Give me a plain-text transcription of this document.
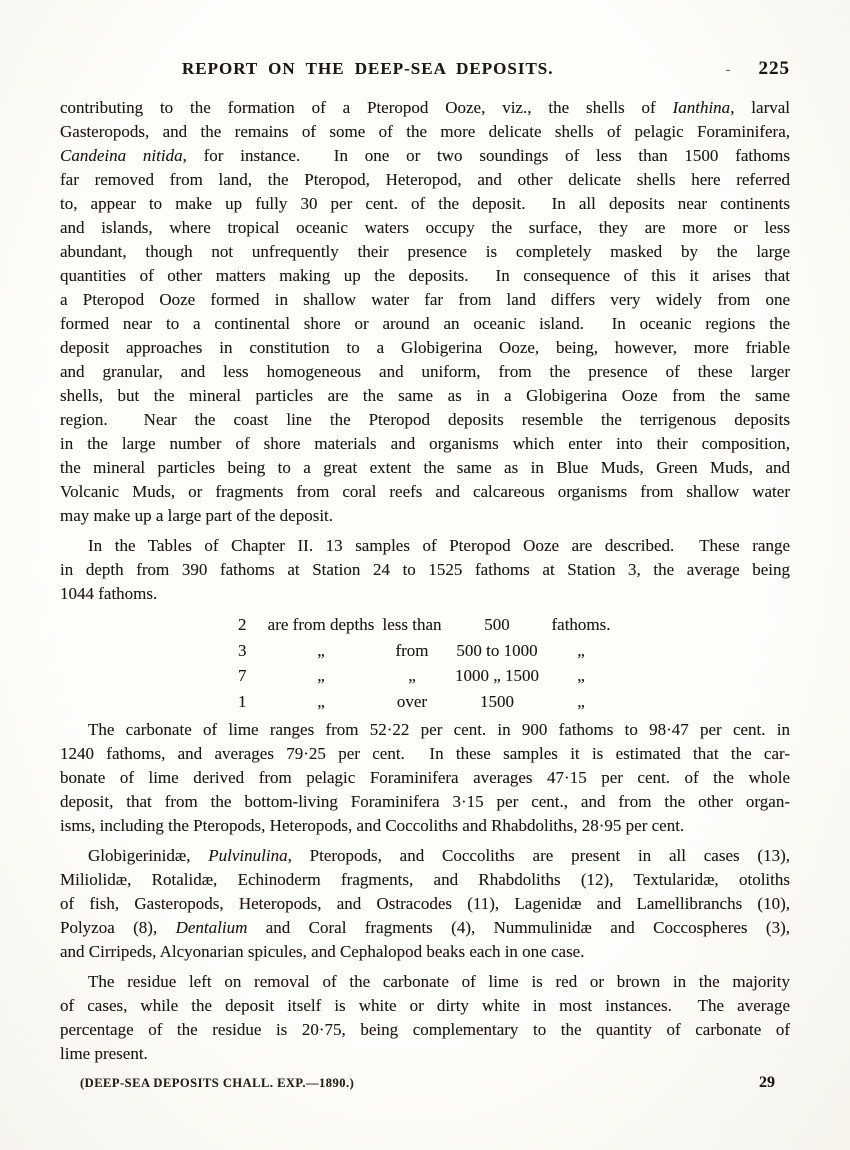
REPORT ON THE DEEP-SEA DEPOSITS.	- 225
contributing to the formation of a Pteropod Ooze, viz., the shells of Ianthina, larval
Gasteropods, and the remains of some of the more delicate shells of pelagic Foraminifera,
Candeina nitida, for instance.  In one or two soundings of less than 1500 fathoms
far removed from land, the Pteropod, Heteropod, and other delicate shells here referred
to, appear to make up fully 30 per cent. of the deposit.  In all deposits near continents
and islands, where tropical oceanic waters occupy the surface, they are more or less
abundant, though not unfrequently their presence is completely masked by the large
quantities of other matters making up the deposits.  In consequence of this it arises that
a Pteropod Ooze formed in shallow water far from land differs very widely from one
formed near to a continental shore or around an oceanic island.  In oceanic regions the
deposit approaches in constitution to a Globigerina Ooze, being, however, more friable
and granular, and less homogeneous and uniform, from the presence of these larger
shells, but the mineral particles are the same as in a Globigerina Ooze from the same
region.  Near the coast line the Pteropod deposits resemble the terrigenous deposits
in the large number of shore materials and organisms which enter into their composition,
the mineral particles being to a great extent the same as in Blue Muds, Green Muds, and
Volcanic Muds, or fragments from coral reefs and calcareous organisms from shallow water
may make up a large part of the deposit.
In the Tables of Chapter II. 13 samples of Pteropod Ooze are described.  These range
in depth from 390 fathoms at Station 24 to 1525 fathoms at Station 3, the average being
1044 fathoms.
2	are from depths less than	500	fathoms.
3	„	from	500 to 1000	„
7	„	„	1000 „ 1500	„
1	„	over	1500	„
The carbonate of lime ranges from 52·22 per cent. in 900 fathoms to 98·47 per cent. in
1240 fathoms, and averages 79·25 per cent.  In these samples it is estimated that the car-
bonate of lime derived from pelagic Foraminifera averages 47·15 per cent. of the whole
deposit, that from the bottom-living Foraminifera 3·15 per cent., and from the other organ-
isms, including the Pteropods, Heteropods, and Coccoliths and Rhabdoliths, 28·95 per cent.
Globigerinidæ, Pulvinulina, Pteropods, and Coccoliths are present in all cases (13),
Miliolidæ, Rotalidæ, Echinoderm fragments, and Rhabdoliths (12), Textularidæ, otoliths
of fish, Gasteropods, Heteropods, and Ostracodes (11), Lagenidæ and Lamellibranchs (10),
Polyzoa (8), Dentalium and Coral fragments (4), Nummulinidæ and Coccospheres (3),
and Cirripeds, Alcyonarian spicules, and Cephalopod beaks each in one case.
The residue left on removal of the carbonate of lime is red or brown in the majority
of cases, while the deposit itself is white or dirty white in most instances.  The average
percentage of the residue is 20·75, being complementary to the quantity of carbonate of
lime present.
(DEEP-SEA DEPOSITS CHALL. EXP.—1890.)	29
